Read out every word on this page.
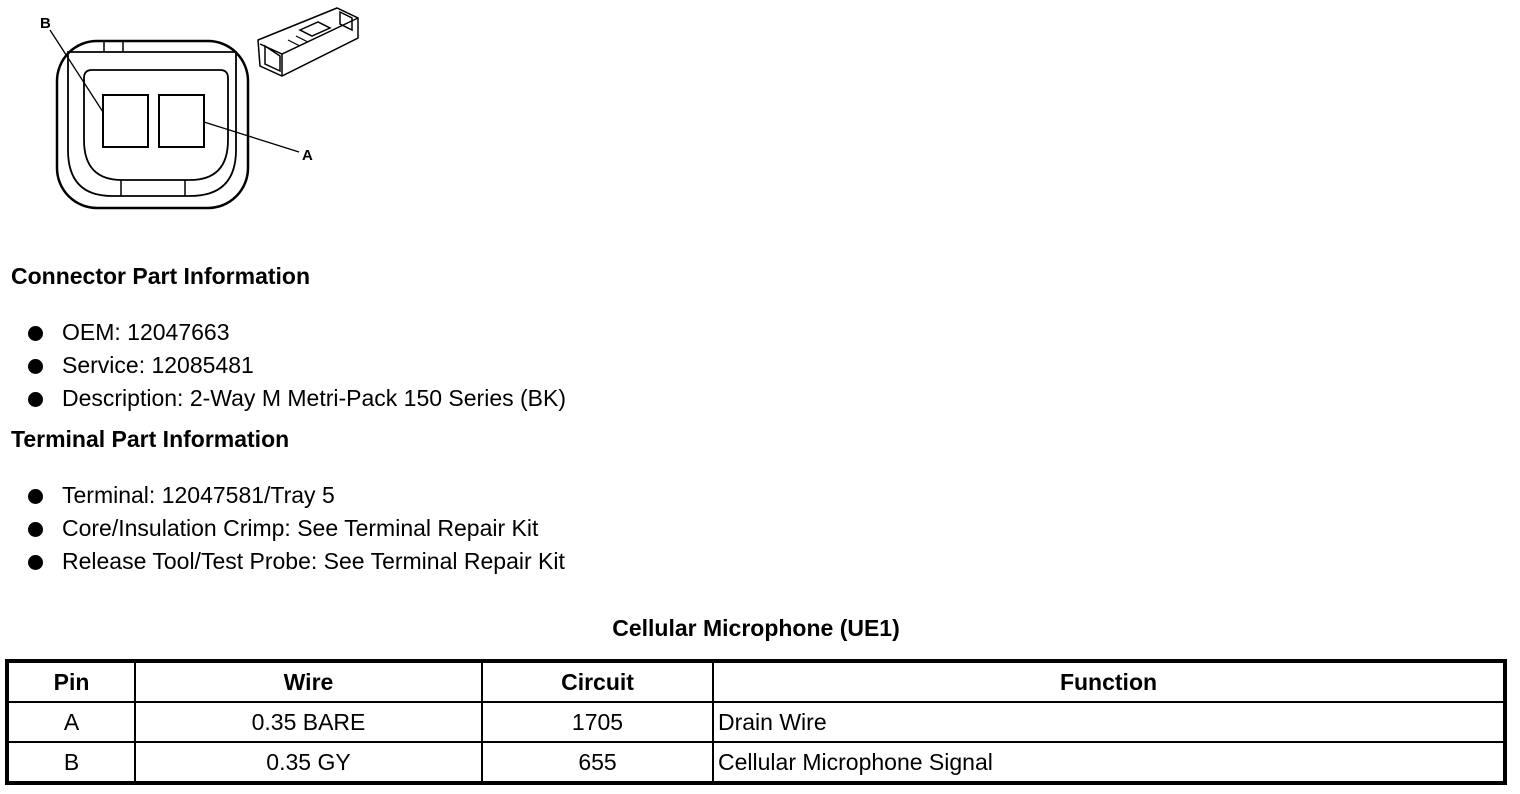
B
A
Connector Part Information
OEM: 12047663
Service: 12085481
Description: 2-Way M Metri-Pack 150 Series (BK)
Terminal Part Information
Terminal: 12047581/Tray 5
Core/Insulation Crimp: See Terminal Repair Kit
Release Tool/Test Probe: See Terminal Repair Kit
Cellular Microphone (UE1)
Pin	Wire	Circuit	Function
A	0.35 BARE	1705	Drain Wire
B	0.35 GY	655	Cellular Microphone Signal
